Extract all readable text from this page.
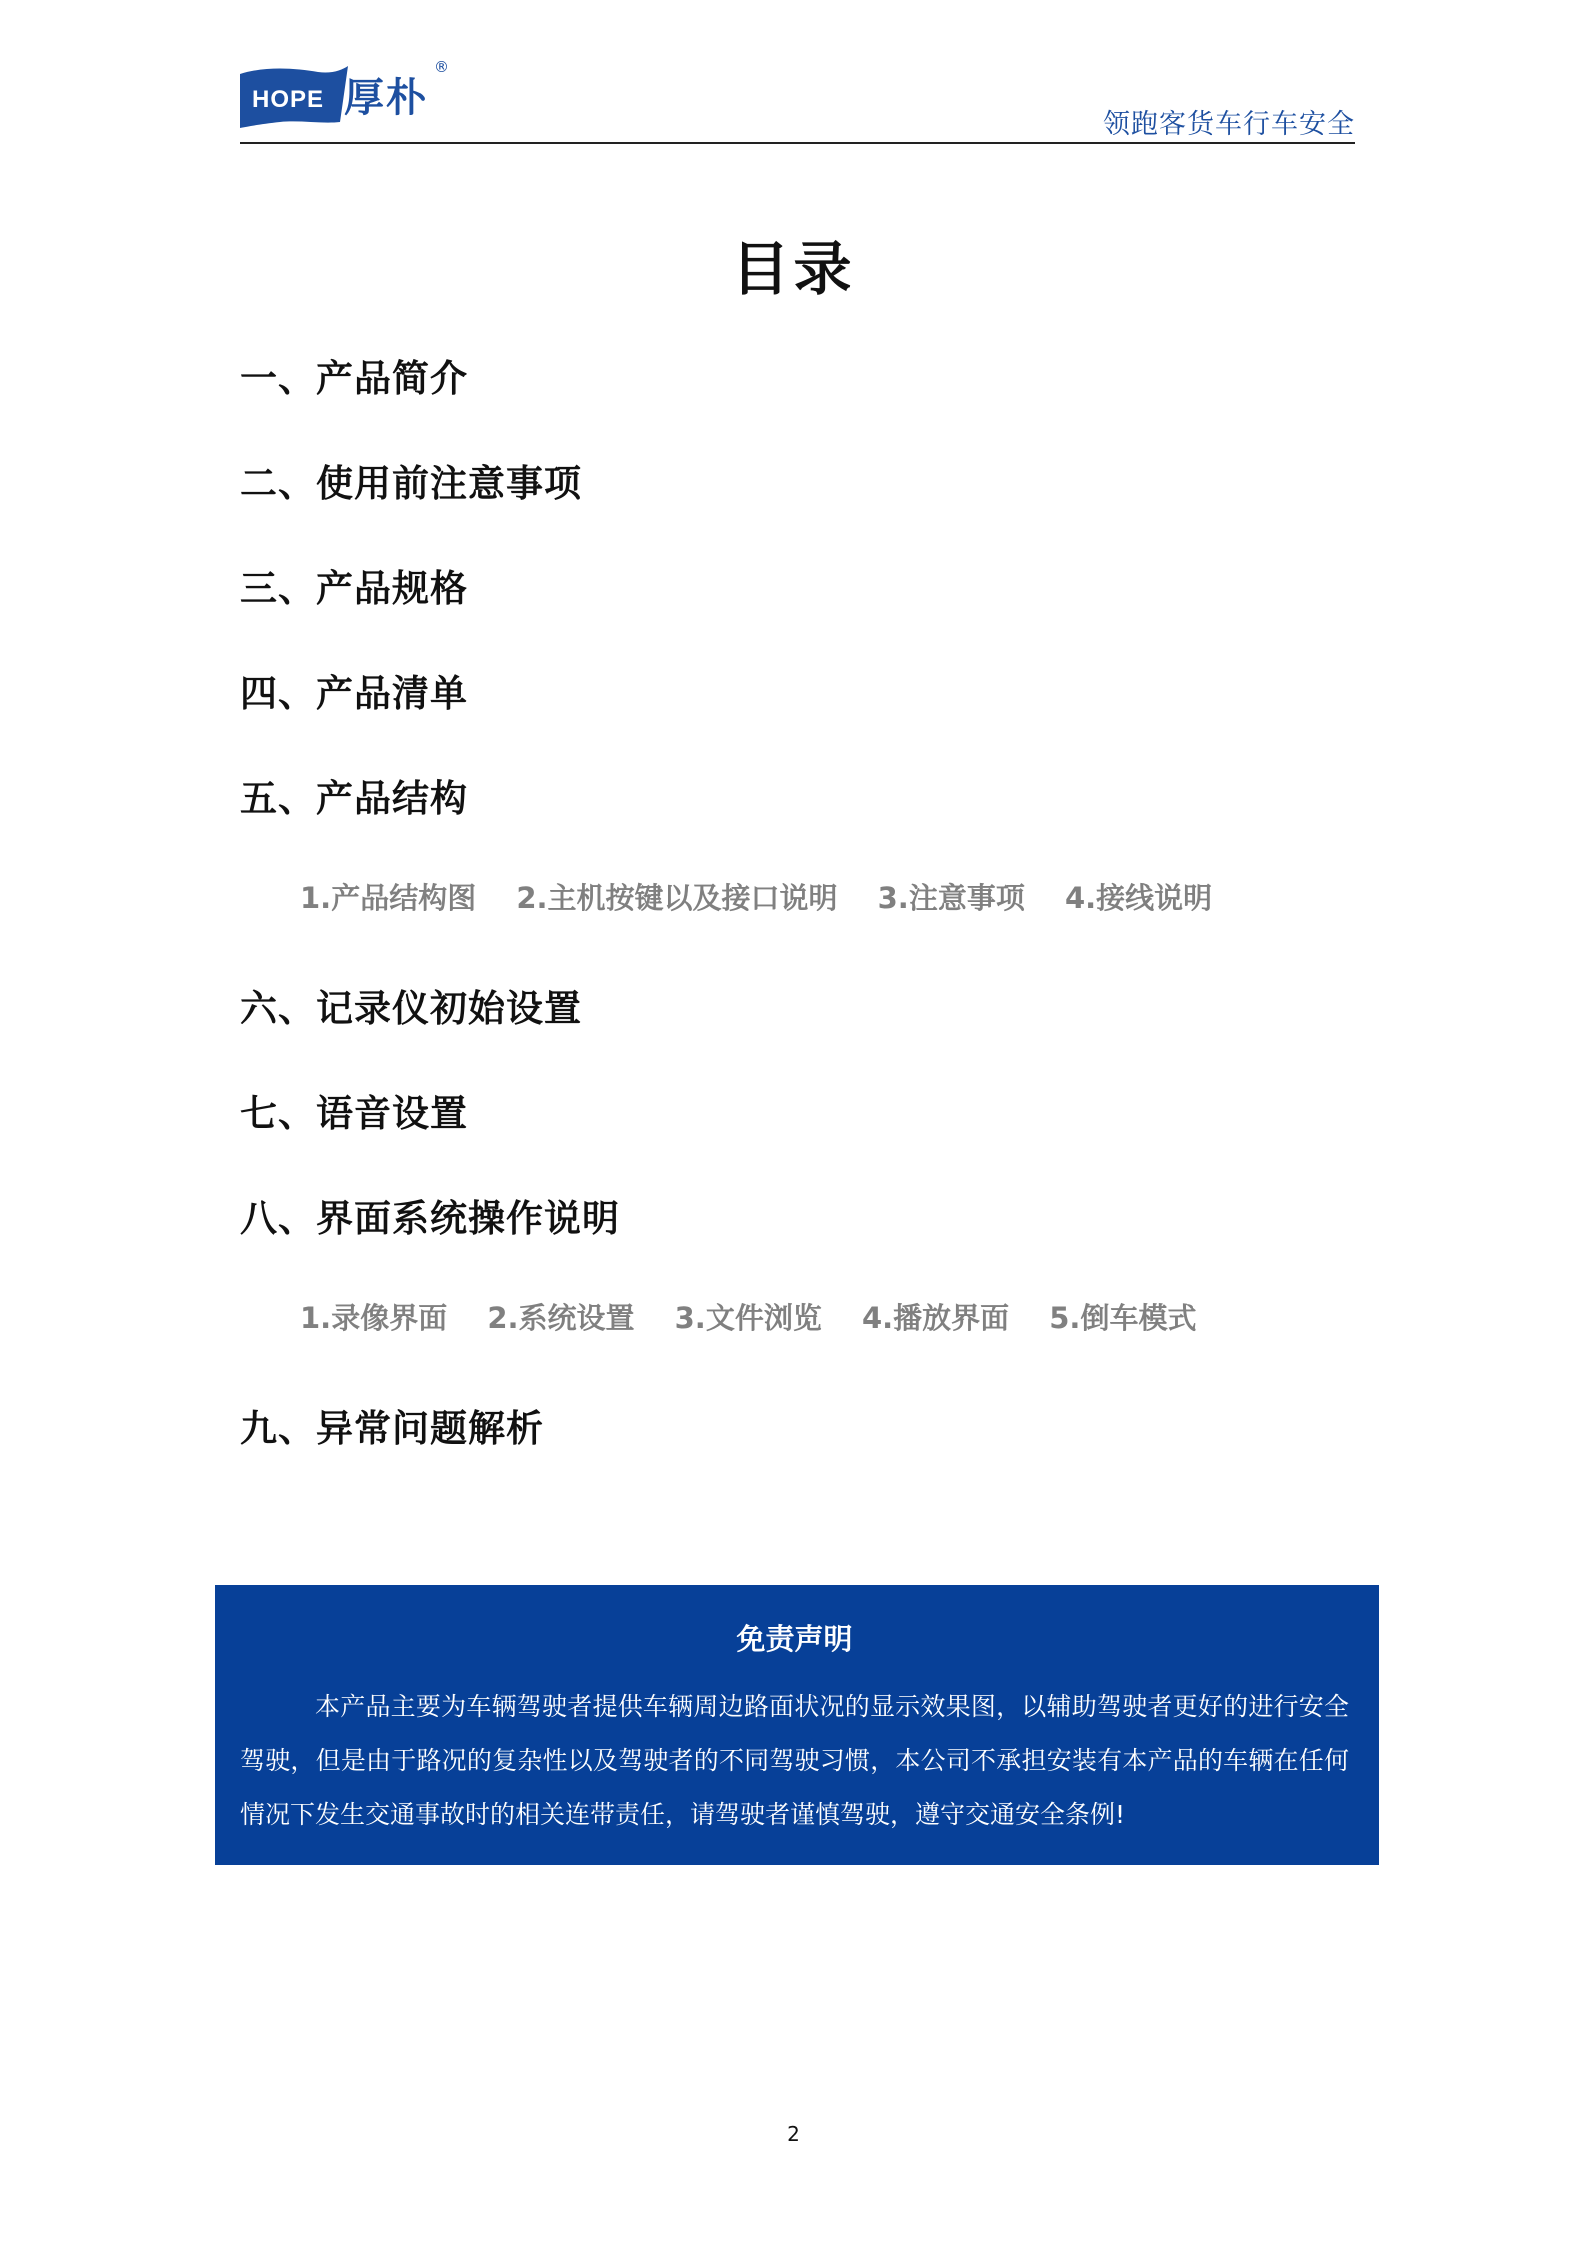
HOPE 厚朴
®
领跑客货车行车安全
目录
一、产品简介
二、使用前注意事项
三、产品规格
四、产品清单
五、产品结构
1.产品结构图 2.主机按键以及接口说明 3.注意事项 4.接线说明
六、记录仪初始设置
七、语音设置
八、界面系统操作说明
1.录像界面 2.系统设置 3.文件浏览 4.播放界面 5.倒车模式
九、异常问题解析
免责声明
本产品主要为车辆驾驶者提供车辆周边路面状况的显示效果图，以辅助驾驶者更好的进行安全驾驶，但是由于路况的复杂性以及驾驶者的不同驾驶习惯，本公司不承担安装有本产品的车辆在任何情况下发生交通事故时的相关连带责任，请驾驶者谨慎驾驶，遵守交通安全条例!
2
